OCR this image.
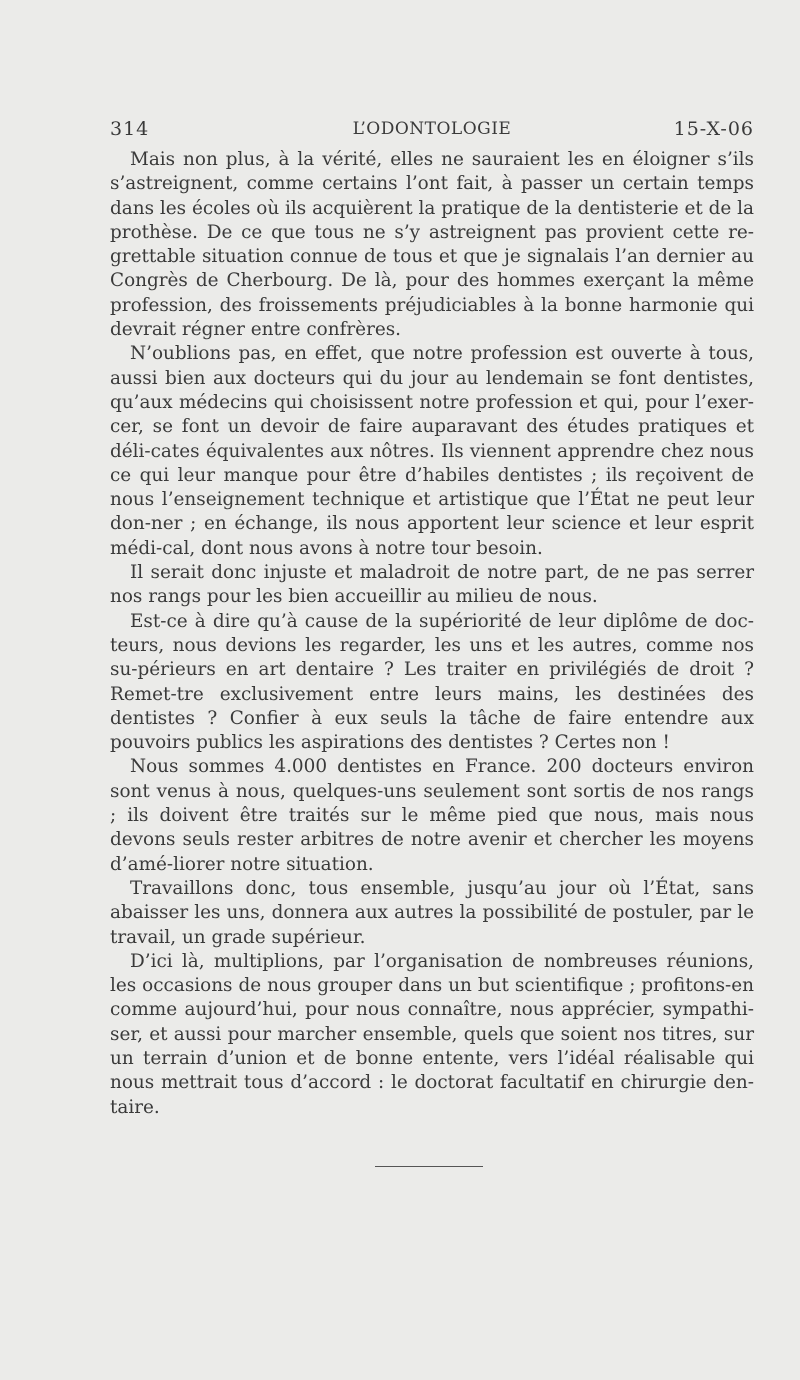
314	L’ODONTOLOGIE	15-X-06

Mais non plus, à la vérité, elles ne sauraient les en éloigner s’ils s’astreignent, comme certains l’ont fait, à passer un certain temps dans les écoles où ils acquièrent la pratique de la dentisterie et de la prothèse. De ce que tous ne s’y astreignent pas provient cette re-grettable situation connue de tous et que je signalais l’an dernier au Congrès de Cherbourg. De là, pour des hommes exerçant la même profession, des froissements préjudiciables à la bonne harmonie qui devrait régner entre confrères.

N’oublions pas, en effet, que notre profession est ouverte à tous, aussi bien aux docteurs qui du jour au lendemain se font dentistes, qu’aux médecins qui choisissent notre profession et qui, pour l’exer-cer, se font un devoir de faire auparavant des études pratiques et déli-cates équivalentes aux nôtres. Ils viennent apprendre chez nous ce qui leur manque pour être d’habiles dentistes ; ils reçoivent de nous l’enseignement technique et artistique que l’État ne peut leur don-ner ; en échange, ils nous apportent leur science et leur esprit médi-cal, dont nous avons à notre tour besoin.

Il serait donc injuste et maladroit de notre part, de ne pas serrer nos rangs pour les bien accueillir au milieu de nous.

Est-ce à dire qu’à cause de la supériorité de leur diplôme de doc-teurs, nous devions les regarder, les uns et les autres, comme nos su-périeurs en art dentaire ? Les traiter en privilégiés de droit ? Remet-tre exclusivement entre leurs mains, les destinées des dentistes ? Confier à eux seuls la tâche de faire entendre aux pouvoirs publics les aspirations des dentistes ? Certes non !

Nous sommes 4.000 dentistes en France. 200 docteurs environ sont venus à nous, quelques-uns seulement sont sortis de nos rangs ; ils doivent être traités sur le même pied que nous, mais nous devons seuls rester arbitres de notre avenir et chercher les moyens d’amé-liorer notre situation.

Travaillons donc, tous ensemble, jusqu’au jour où l’État, sans abaisser les uns, donnera aux autres la possibilité de postuler, par le travail, un grade supérieur.

D’ici là, multiplions, par l’organisation de nombreuses réunions, les occasions de nous grouper dans un but scientifique ; profitons-en comme aujourd’hui, pour nous connaître, nous apprécier, sympathi-ser, et aussi pour marcher ensemble, quels que soient nos titres, sur un terrain d’union et de bonne entente, vers l’idéal réalisable qui nous mettrait tous d’accord : le doctorat facultatif en chirurgie den-taire.
